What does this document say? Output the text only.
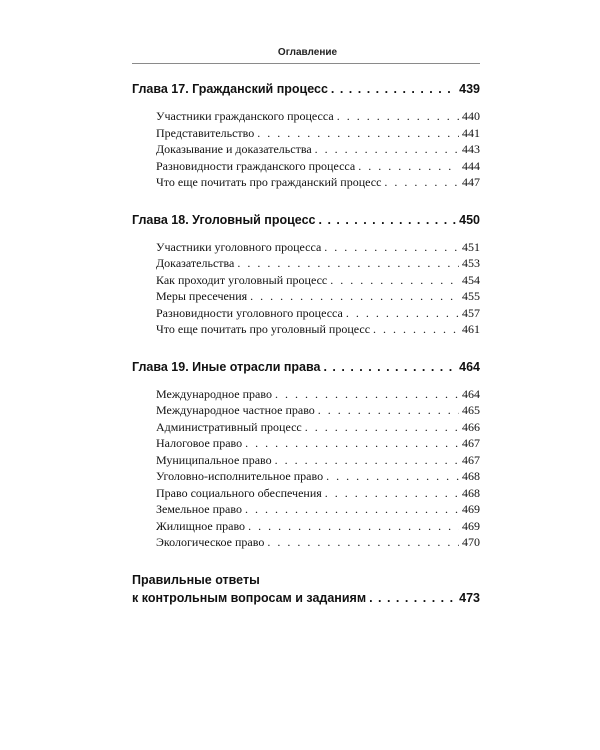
Оглавление
Глава 17. Гражданский процесс . . .	439
Участники гражданского процесса . . .	440
Представительство . . .	441
Доказывание и доказательства . . .	443
Разновидности гражданского процесса . . .	444
Что еще почитать про гражданский процесс . . .	447
Глава 18. Уголовный процесс . . .	450
Участники уголовного процесса . . .	451
Доказательства . . .	453
Как проходит уголовный процесс . . .	454
Меры пресечения . . .	455
Разновидности уголовного процесса . . .	457
Что еще почитать про уголовный процесс . . .	461
Глава 19. Иные отрасли права . . .	464
Международное право . . .	464
Международное частное право . . .	465
Административный процесс . . .	466
Налоговое право . . .	467
Муниципальное право . . .	467
Уголовно-исполнительное право . . .	468
Право социального обеспечения . . .	468
Земельное право . . .	469
Жилищное право . . .	469
Экологическое право . . .	470
Правильные ответы
к контрольным вопросам и заданиям . . .	473
